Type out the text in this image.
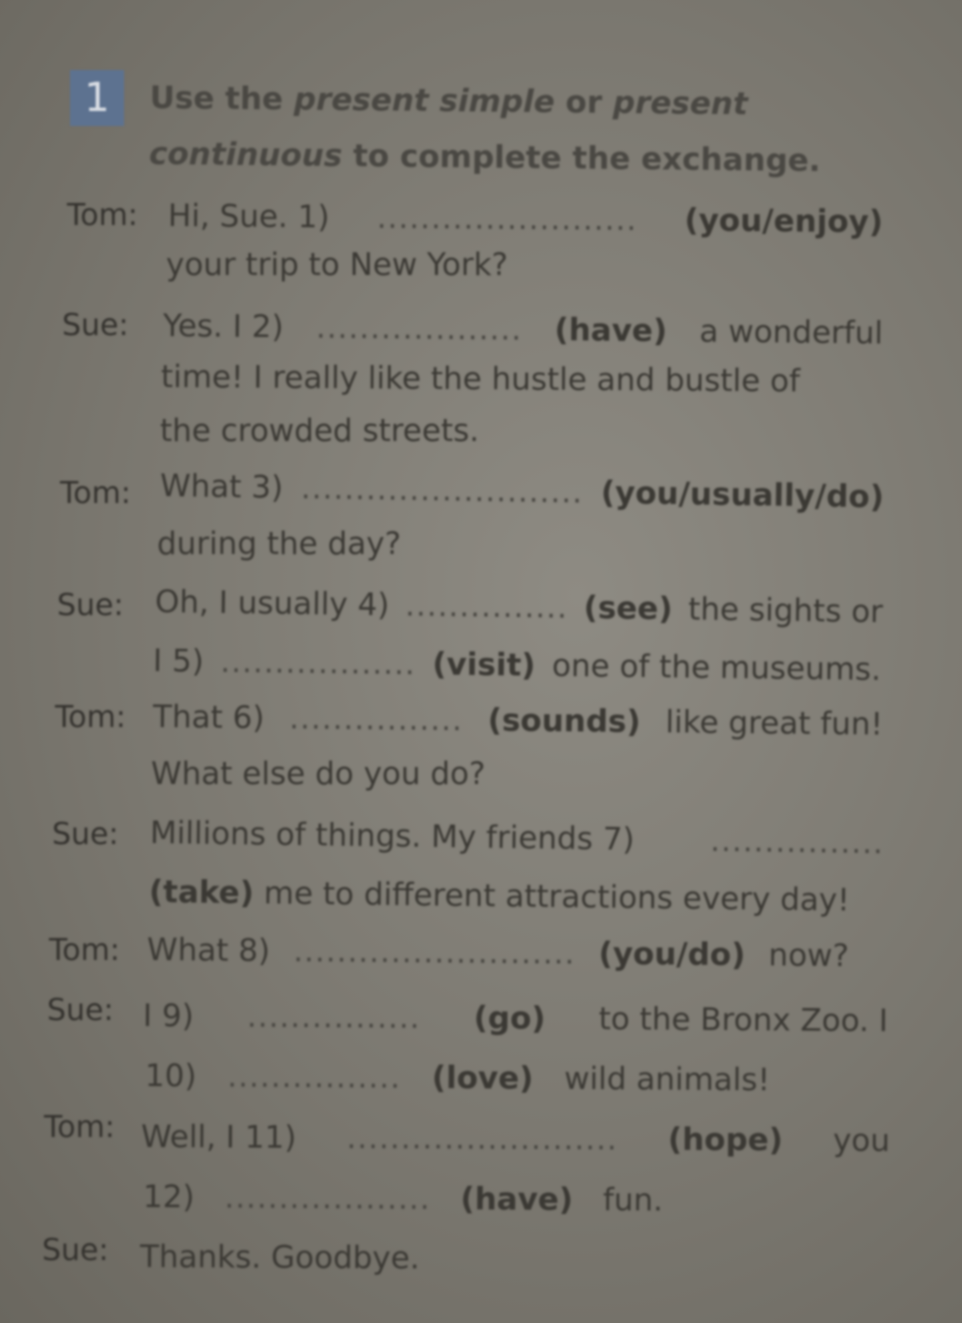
1	Use the present simple or present continuous to complete the exchange.
Tom: Hi, Sue. 1) ........................ (you/enjoy)
your trip to New York?
Sue: Yes. I 2) ................... (have) a wonderful
time! I really like the hustle and bustle of
the crowded streets.
Tom: What 3) .......................... (you/usually/do)
during the day?
Sue: Oh, I usually 4) ............... (see) the sights or
I 5) .................. (visit) one of the museums.
Tom: That 6) ................ (sounds) like great fun!
What else do you do?
Sue: Millions of things. My friends 7) ................
(take) me to different attractions every day!
Tom: What 8) .......................... (you/do) now?
Sue: I 9) ................ (go) to the Bronx Zoo. I
10) ................ (love) wild animals!
Tom: Well, I 11) ......................... (hope) you
12) ................... (have) fun.
Sue: Thanks. Goodbye.
